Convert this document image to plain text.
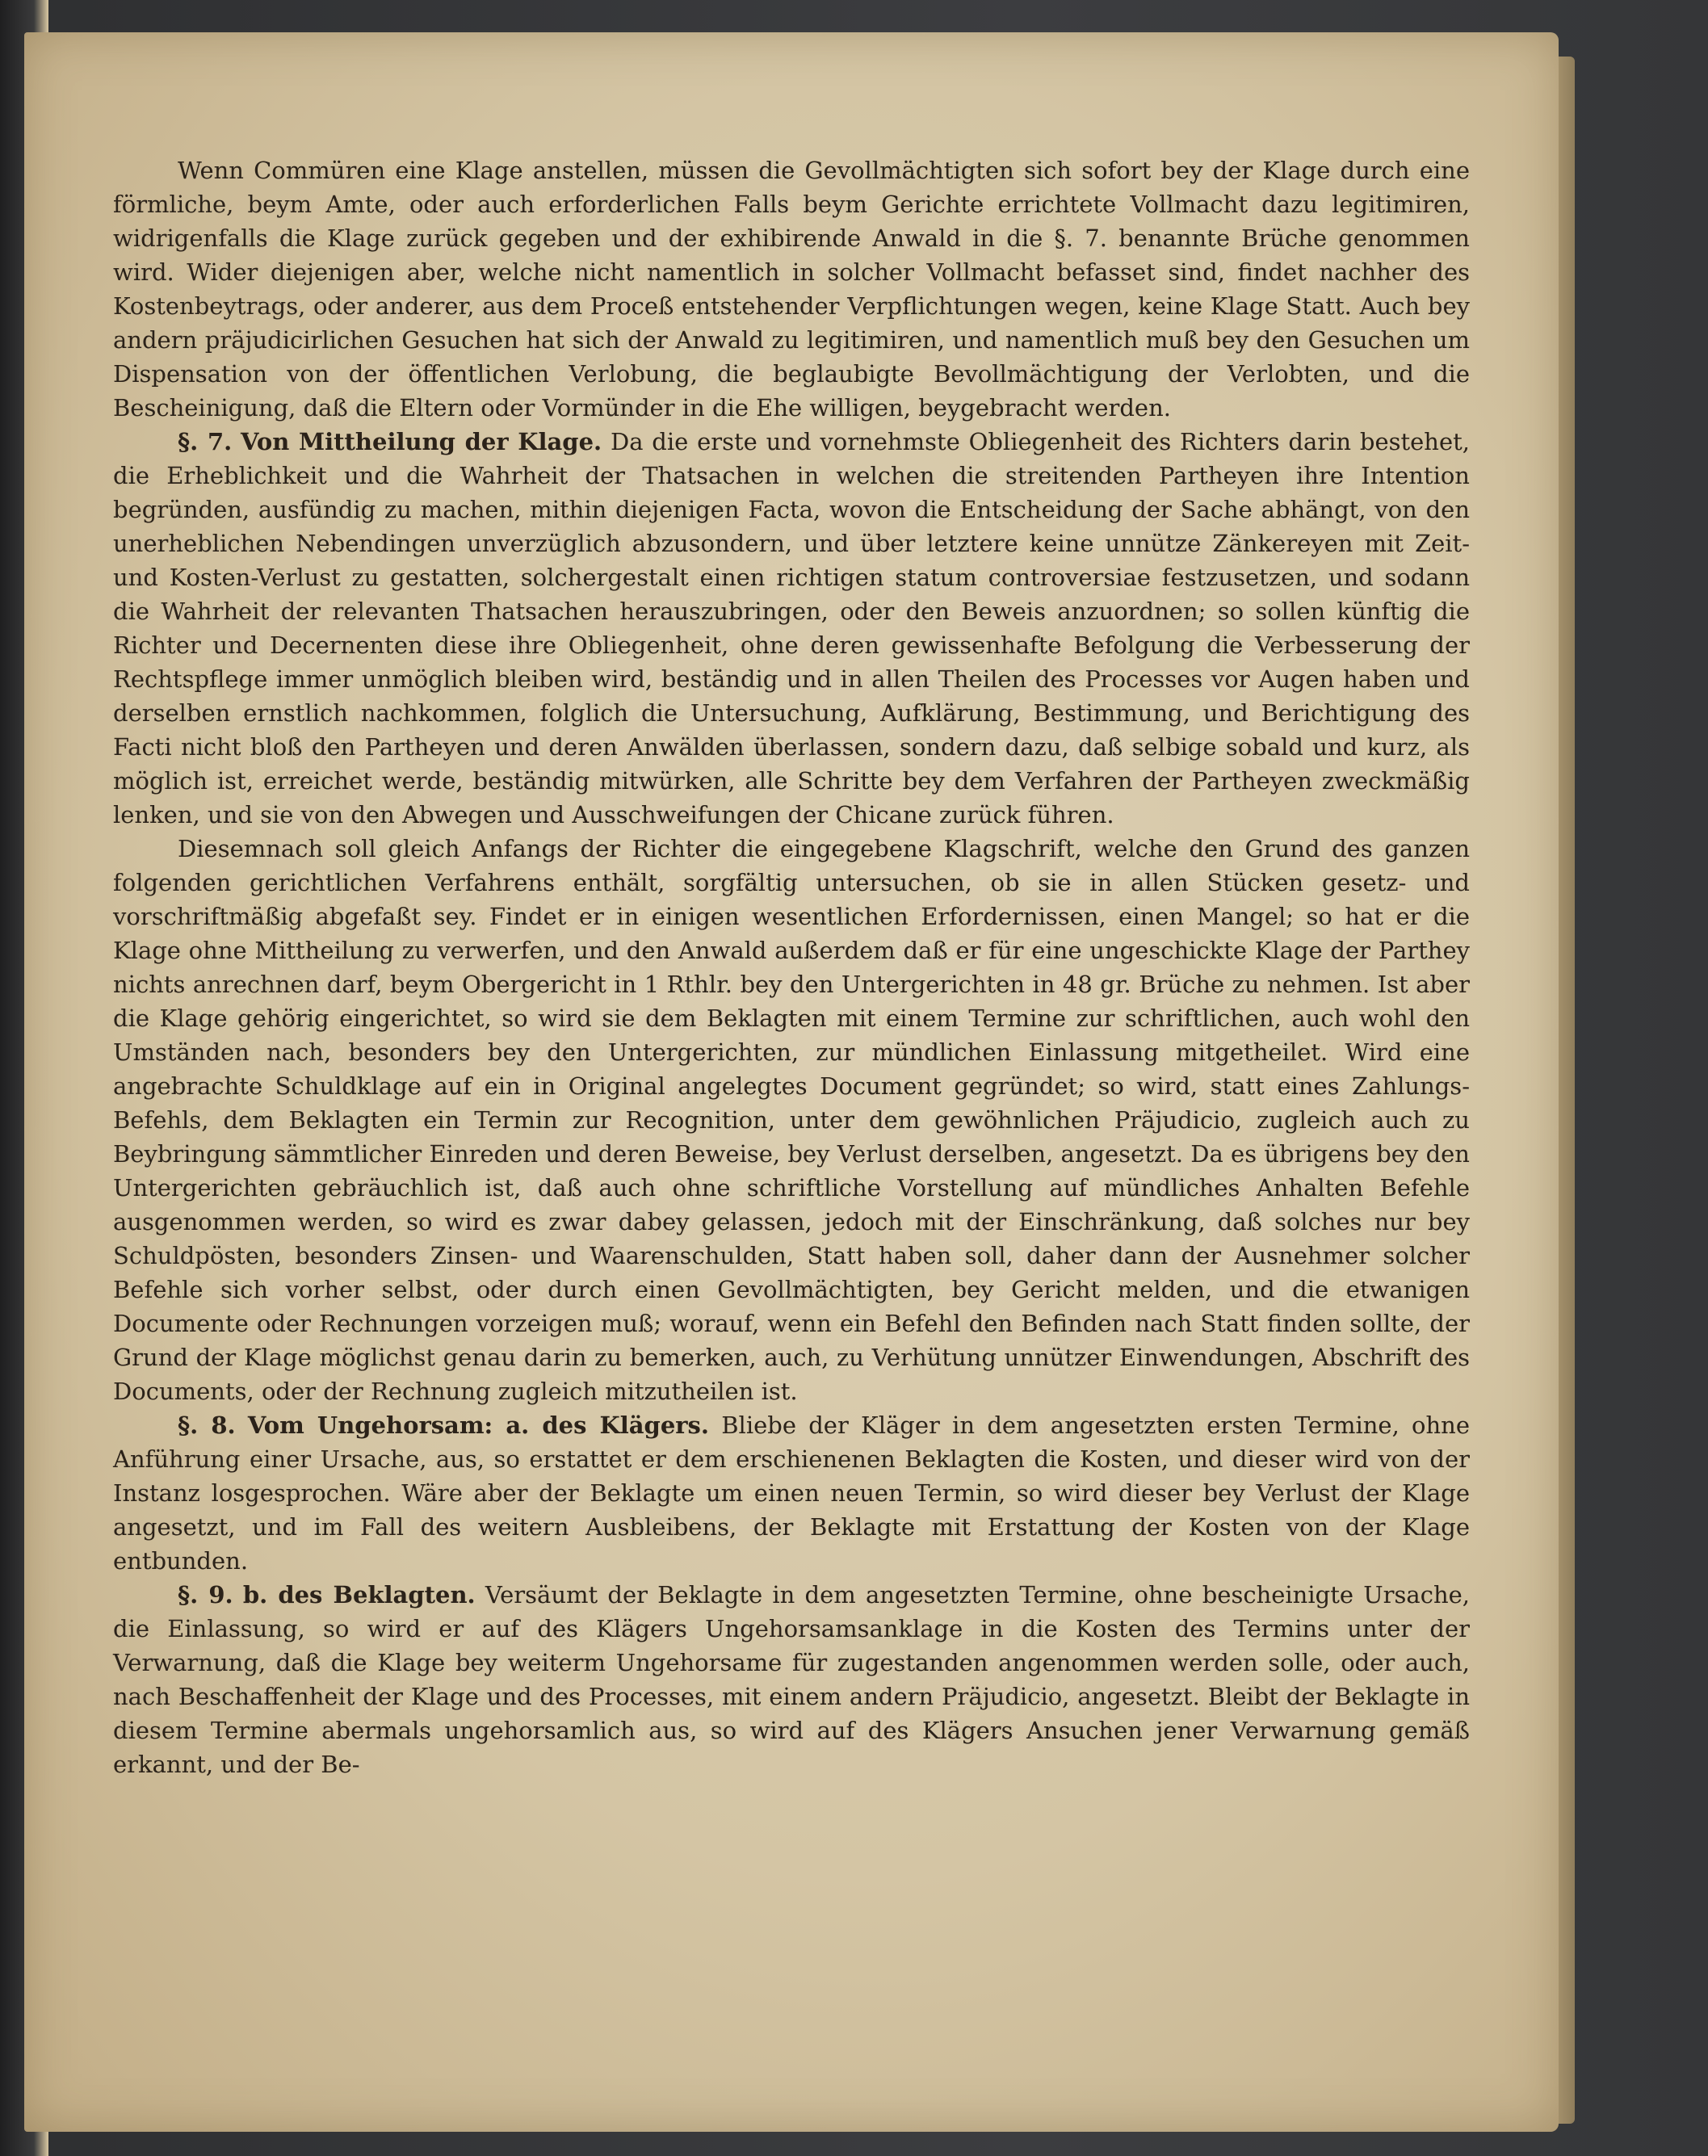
Wenn Commüren eine Klage anstellen, müssen die Gevollmächtigten sich sofort bey der Klage durch eine förmliche, beym Amte, oder auch erforderlichen Falls beym Gerichte errichtete Vollmacht dazu legitimiren, widrigenfalls die Klage zurück gegeben und der exhibirende Anwald in die §. 7. benannte Brüche genommen wird. Wider diejenigen aber, welche nicht namentlich in solcher Vollmacht befasset sind, findet nachher des Kostenbeytrags, oder anderer, aus dem Proceß entstehender Verpflichtungen wegen, keine Klage Statt. Auch bey andern präjudicirlichen Gesuchen hat sich der Anwald zu legitimiren, und namentlich muß bey den Gesuchen um Dispensation von der öffentlichen Verlobung, die beglaubigte Bevollmächtigung der Verlobten, und die Bescheinigung, daß die Eltern oder Vormünder in die Ehe willigen, beygebracht werden.

§. 7. Von Mittheilung der Klage. Da die erste und vornehmste Obliegenheit des Richters darin bestehet, die Erheblichkeit und die Wahrheit der Thatsachen in welchen die streitenden Partheyen ihre Intention begründen, ausfündig zu machen, mithin diejenigen Facta, wovon die Entscheidung der Sache abhängt, von den unerheblichen Nebendingen unverzüglich abzusondern, und über letztere keine unnütze Zänkereyen mit Zeit- und Kosten-Verlust zu gestatten, solchergestalt einen richtigen statum controversiae festzusetzen, und sodann die Wahrheit der relevanten Thatsachen herauszubringen, oder den Beweis anzuordnen; so sollen künftig die Richter und Decernenten diese ihre Obliegenheit, ohne deren gewissenhafte Befolgung die Verbesserung der Rechtspflege immer unmöglich bleiben wird, beständig und in allen Theilen des Processes vor Augen haben und derselben ernstlich nachkommen, folglich die Untersuchung, Aufklärung, Bestimmung, und Berichtigung des Facti nicht bloß den Partheyen und deren Anwälden überlassen, sondern dazu, daß selbige sobald und kurz, als möglich ist, erreichet werde, beständig mitwürken, alle Schritte bey dem Verfahren der Partheyen zweckmäßig lenken, und sie von den Abwegen und Ausschweifungen der Chicane zurück führen.

Diesemnach soll gleich Anfangs der Richter die eingegebene Klagschrift, welche den Grund des ganzen folgenden gerichtlichen Verfahrens enthält, sorgfältig untersuchen, ob sie in allen Stücken gesetz- und vorschriftmäßig abgefaßt sey. Findet er in einigen wesentlichen Erfordernissen, einen Mangel; so hat er die Klage ohne Mittheilung zu verwerfen, und den Anwald außerdem daß er für eine ungeschickte Klage der Parthey nichts anrechnen darf, beym Obergericht in 1 Rthlr. bey den Untergerichten in 48 gr. Brüche zu nehmen. Ist aber die Klage gehörig eingerichtet, so wird sie dem Beklagten mit einem Termine zur schriftlichen, auch wohl den Umständen nach, besonders bey den Untergerichten, zur mündlichen Einlassung mitgetheilet. Wird eine angebrachte Schuldklage auf ein in Original angelegtes Document gegründet; so wird, statt eines Zahlungs-Befehls, dem Beklagten ein Termin zur Recognition, unter dem gewöhnlichen Präjudicio, zugleich auch zu Beybringung sämmtlicher Einreden und deren Beweise, bey Verlust derselben, angesetzt. Da es übrigens bey den Untergerichten gebräuchlich ist, daß auch ohne schriftliche Vorstellung auf mündliches Anhalten Befehle ausgenommen werden, so wird es zwar dabey gelassen, jedoch mit der Einschränkung, daß solches nur bey Schuldpösten, besonders Zinsen- und Waarenschulden, Statt haben soll, daher dann der Ausnehmer solcher Befehle sich vorher selbst, oder durch einen Gevollmächtigten, bey Gericht melden, und die etwanigen Documente oder Rechnungen vorzeigen muß; worauf, wenn ein Befehl den Befinden nach Statt finden sollte, der Grund der Klage möglichst genau darin zu bemerken, auch, zu Verhütung unnützer Einwendungen, Abschrift des Documents, oder der Rechnung zugleich mitzutheilen ist.

§. 8. Vom Ungehorsam: a. des Klägers. Bliebe der Kläger in dem angesetzten ersten Termine, ohne Anführung einer Ursache, aus, so erstattet er dem erschienenen Beklagten die Kosten, und dieser wird von der Instanz losgesprochen. Wäre aber der Beklagte um einen neuen Termin, so wird dieser bey Verlust der Klage angesetzt, und im Fall des weitern Ausbleibens, der Beklagte mit Erstattung der Kosten von der Klage entbunden.

§. 9. b. des Beklagten. Versäumt der Beklagte in dem angesetzten Termine, ohne bescheinigte Ursache, die Einlassung, so wird er auf des Klägers Ungehorsamsanklage in die Kosten des Termins unter der Verwarnung, daß die Klage bey weiterm Ungehorsame für zugestanden angenommen werden solle, oder auch, nach Beschaffenheit der Klage und des Processes, mit einem andern Präjudicio, angesetzt. Bleibt der Beklagte in diesem Termine abermals ungehorsamlich aus, so wird auf des Klägers Ansuchen jener Verwarnung gemäß erkannt, und der Be-
